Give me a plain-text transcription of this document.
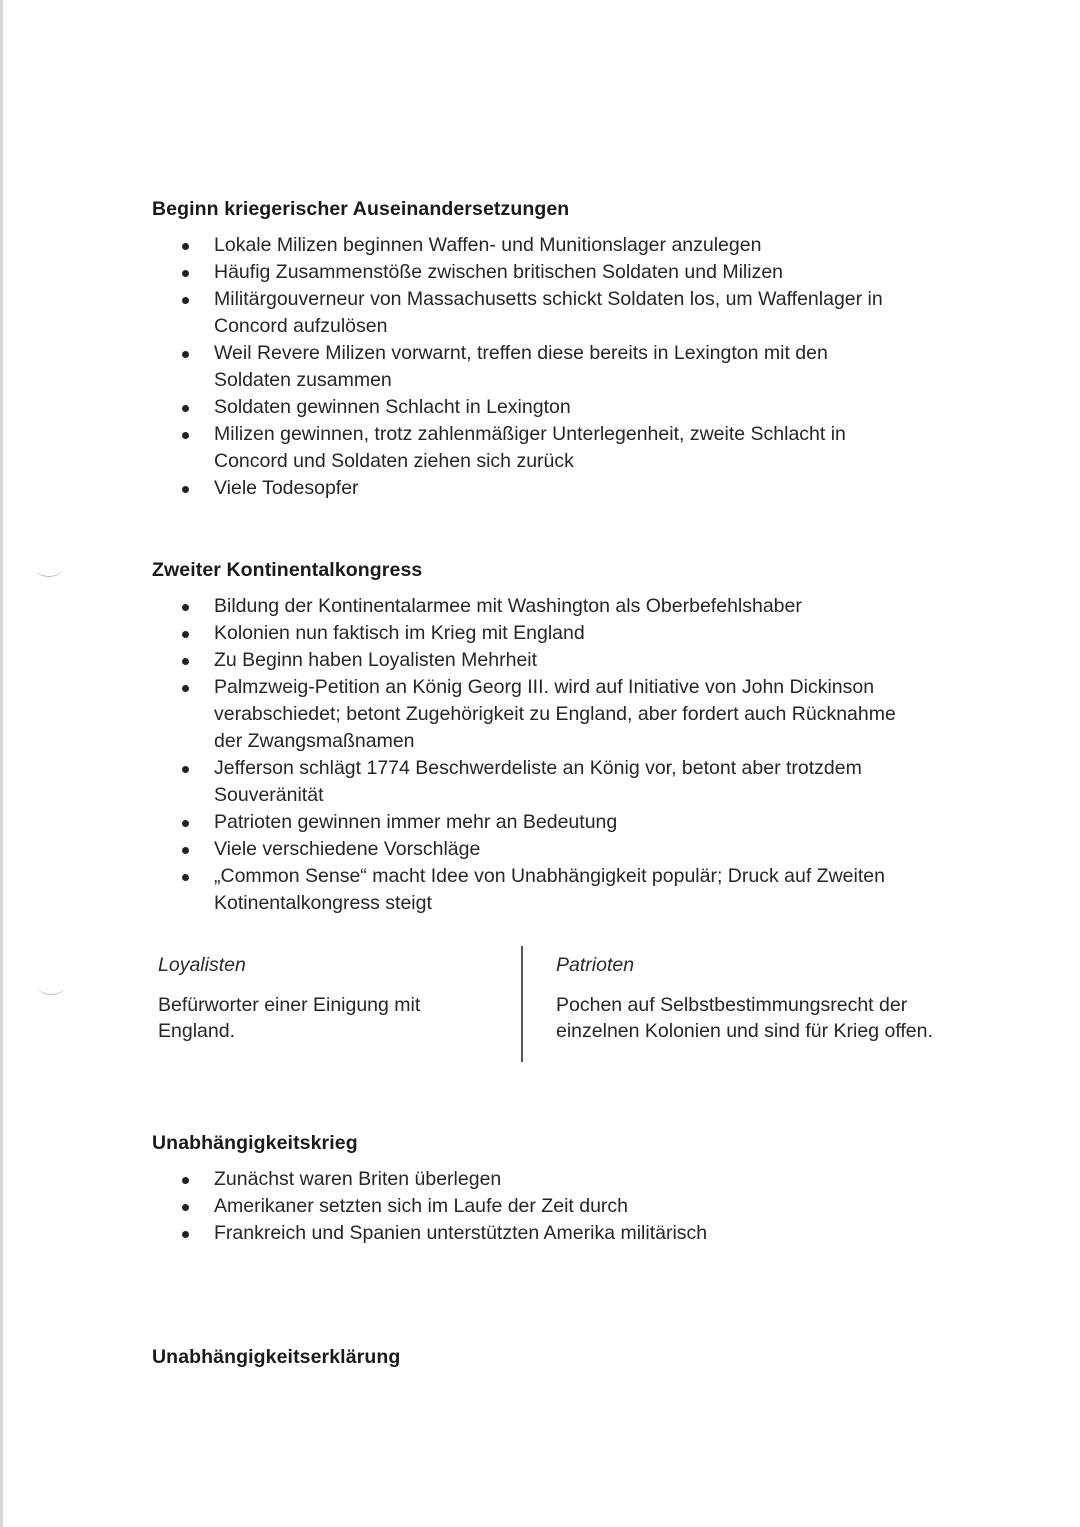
Beginn kriegerischer Auseinandersetzungen
Lokale Milizen beginnen Waffen- und Munitionslager anzulegen
Häufig Zusammenstöße zwischen britischen Soldaten und Milizen
Militärgouverneur von Massachusetts schickt Soldaten los, um Waffenlager in Concord aufzulösen
Weil Revere Milizen vorwarnt, treffen diese bereits in Lexington mit den Soldaten zusammen
Soldaten gewinnen Schlacht in Lexington
Milizen gewinnen, trotz zahlenmäßiger Unterlegenheit, zweite Schlacht in Concord und Soldaten ziehen sich zurück
Viele Todesopfer
Zweiter Kontinentalkongress
Bildung der Kontinentalarmee mit Washington als Oberbefehlshaber
Kolonien nun faktisch im Krieg mit England
Zu Beginn haben Loyalisten Mehrheit
Palmzweig-Petition an König Georg III. wird auf Initiative von John Dickinson verabschiedet; betont Zugehörigkeit zu England, aber fordert auch Rücknahme der Zwangsmaßnamen
Jefferson schlägt 1774 Beschwerdeliste an König vor, betont aber trotzdem Souveränität
Patrioten gewinnen immer mehr an Bedeutung
Viele verschiedene Vorschläge
„Common Sense“ macht Idee von Unabhängigkeit populär; Druck auf Zweiten Kotinentalkongress steigt

Loyalisten

Befürworter einer Einigung mit England.

Patrioten

Pochen auf Selbstbestimmungsrecht der einzelnen Kolonien und sind für Krieg offen.

Unabhängigkeitskrieg
Zunächst waren Briten überlegen
Amerikaner setzten sich im Laufe der Zeit durch
Frankreich und Spanien unterstützten Amerika militärisch
Unabhängigkeitserklärung
